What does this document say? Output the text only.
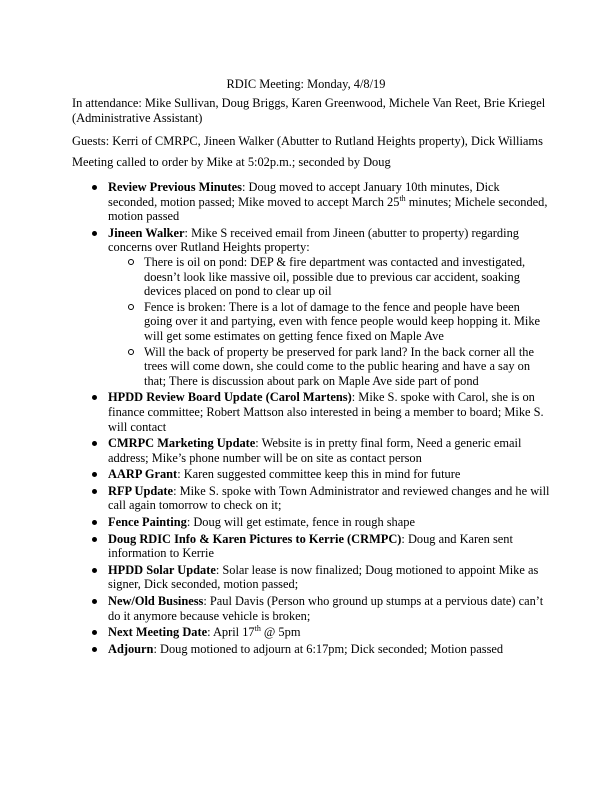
RDIC Meeting: Monday, 4/8/19
In attendance: Mike Sullivan, Doug Briggs, Karen Greenwood, Michele Van Reet, Brie Kriegel (Administrative Assistant)
Guests: Kerri of CMRPC, Jineen Walker (Abutter to Rutland Heights property), Dick Williams
Meeting called to order by Mike at 5:02p.m.; seconded by Doug
Review Previous Minutes: Doug moved to accept January 10th minutes, Dick seconded, motion passed; Mike moved to accept March 25th minutes; Michele seconded, motion passed
Jineen Walker: Mike S received email from Jineen (abutter to property) regarding concerns over Rutland Heights property:
There is oil on pond: DEP & fire department was contacted and investigated, doesn’t look like massive oil, possible due to previous car accident, soaking devices placed on pond to clear up oil
Fence is broken: There is a lot of damage to the fence and people have been going over it and partying, even with fence people would keep hopping it. Mike will get some estimates on getting fence fixed on Maple Ave
Will the back of property be preserved for park land? In the back corner all the trees will come down, she could come to the public hearing and have a say on that; There is discussion about park on Maple Ave side part of pond
HPDD Review Board Update (Carol Martens): Mike S. spoke with Carol, she is on finance committee; Robert Mattson also interested in being a member to board; Mike S. will contact
CMRPC Marketing Update: Website is in pretty final form, Need a generic email address; Mike’s phone number will be on site as contact person
AARP Grant: Karen suggested committee keep this in mind for future
RFP Update: Mike S. spoke with Town Administrator and reviewed changes and he will call again tomorrow to check on it;
Fence Painting: Doug will get estimate, fence in rough shape
Doug RDIC Info & Karen Pictures to Kerrie (CRMPC): Doug and Karen sent information to Kerrie
HPDD Solar Update: Solar lease is now finalized; Doug motioned to appoint Mike as signer, Dick seconded, motion passed;
New/Old Business: Paul Davis (Person who ground up stumps at a pervious date) can’t do it anymore because vehicle is broken;
Next Meeting Date: April 17th @ 5pm
Adjourn: Doug motioned to adjourn at 6:17pm; Dick seconded; Motion passed
